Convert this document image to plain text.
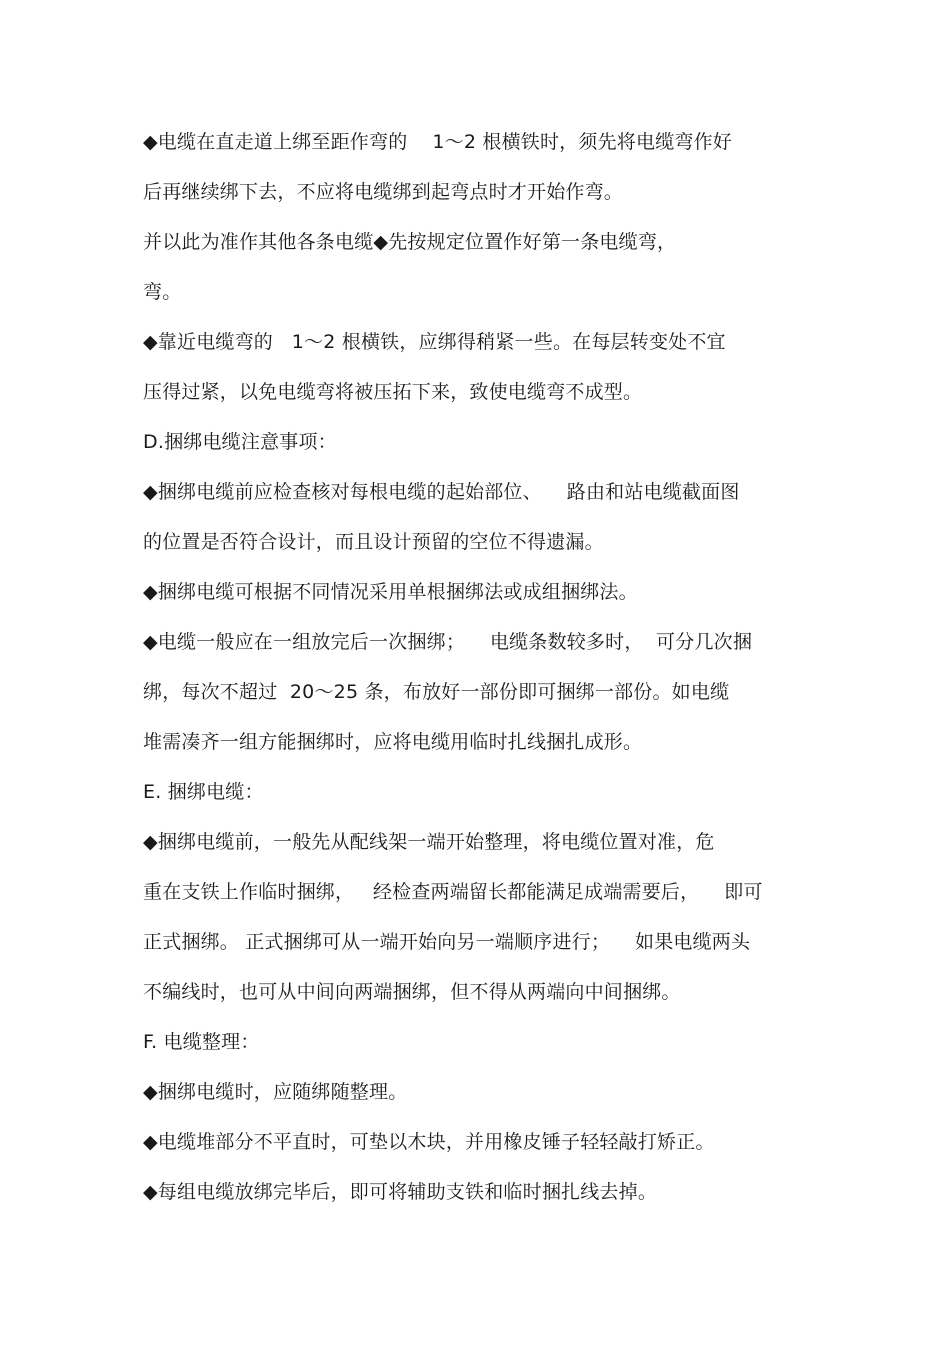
◆电缆在直走道上绑至距作弯的    1～2 根横铁时，须先将电缆弯作好
后再继续绑下去，不应将电缆绑到起弯点时才开始作弯。
并以此为准作其他各条电缆◆先按规定位置作好第一条电缆弯，
弯。
◆靠近电缆弯的   1～2 根横铁，应绑得稍紧一些。在每层转变处不宜
压得过紧，以免电缆弯将被压拓下来，致使电缆弯不成型。
D.捆绑电缆注意事项：
◆捆绑电缆前应检查核对每根电缆的起始部位、    路由和站电缆截面图
的位置是否符合设计，而且设计预留的空位不得遗漏。
◆捆绑电缆可根据不同情况采用单根捆绑法或成组捆绑法。
◆电缆一般应在一组放完后一次捆绑；    电缆条数较多时，  可分几次捆
绑，每次不超过  20～25 条，布放好一部份即可捆绑一部份。如电缆
堆需凑齐一组方能捆绑时，应将电缆用临时扎线捆扎成形。
E. 捆绑电缆：
◆捆绑电缆前，一般先从配线架一端开始整理，将电缆位置对准，危
重在支铁上作临时捆绑，   经检查两端留长都能满足成端需要后，    即可
正式捆绑。 正式捆绑可从一端开始向另一端顺序进行；    如果电缆两头
不编线时，也可从中间向两端捆绑，但不得从两端向中间捆绑。
F. 电缆整理：
◆捆绑电缆时，应随绑随整理。
◆电缆堆部分不平直时，可垫以木块，并用橡皮锤子轻轻敲打矫正。
◆每组电缆放绑完毕后，即可将辅助支铁和临时捆扎线去掉。
